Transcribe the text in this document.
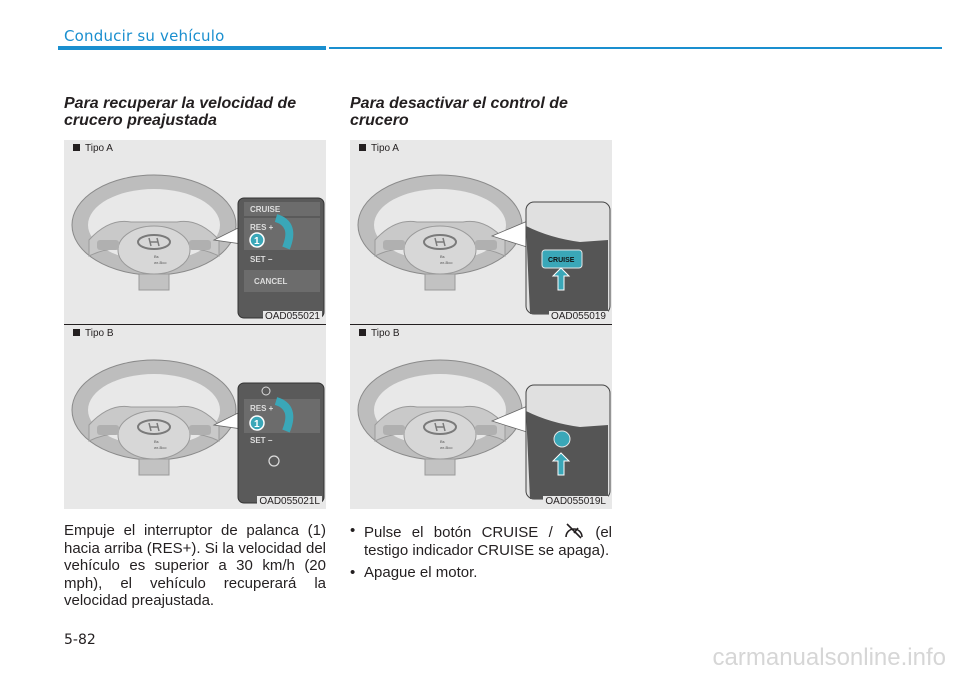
Conducir su vehículo
Para recuperar la velocidad de
crucero preajustada
Para desactivar el control de
crucero
Bs
wr-Bco
CRUISE
RES +
SET −
CANCEL
1
Tipo A
OAD055021
Bs
wr-Bco
RES +
SET −
1
Tipo B
OAD055021L
Bs
wr-Bco	CRUISE
Tipo A
OAD055019
Bs
wr-Bco
Tipo B
OAD055019L
Empuje el interruptor de palanca (1) hacia arriba (RES+). Si la velocidad del vehículo es superior a 30 km/h (20 mph), el vehículo recuperará la velocidad preajustada.
• Pulse el botón CRUISE /	(el testigo indicador CRUISE se apaga).
• Apague el motor.
5-82
carmanualsonline.info
